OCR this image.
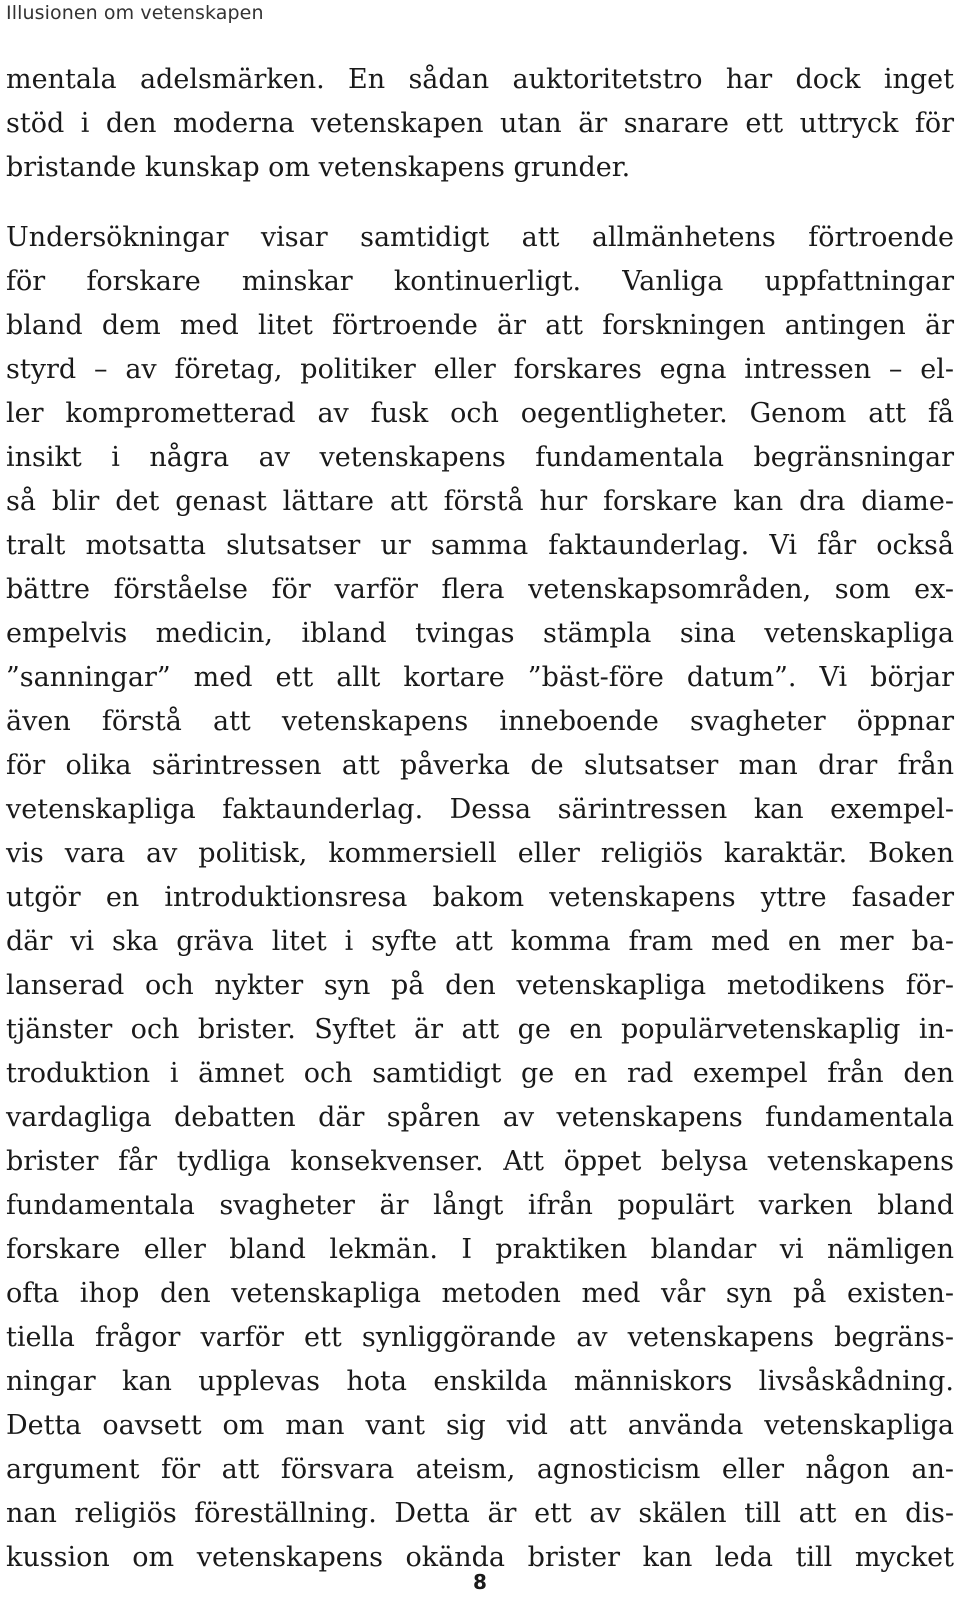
Illusionen om vetenskapen
mentala adelsmärken. En sådan auktoritetstro har dock inget
stöd i den moderna vetenskapen utan är snarare ett uttryck för
bristande kunskap om vetenskapens grunder.
Undersökningar visar samtidigt att allmänhetens förtroende
för forskare minskar kontinuerligt. Vanliga uppfattningar
bland dem med litet förtroende är att forskningen antingen är
styrd – av företag, politiker eller forskares egna intressen – el-
ler komprometterad av fusk och oegentligheter. Genom att få
insikt i några av vetenskapens fundamentala begränsningar
så blir det genast lättare att förstå hur forskare kan dra diame-
tralt motsatta slutsatser ur samma faktaunderlag. Vi får också
bättre förståelse för varför flera vetenskapsområden, som ex-
empelvis medicin, ibland tvingas stämpla sina vetenskapliga
”sanningar” med ett allt kortare ”bäst-före datum”. Vi börjar
även förstå att vetenskapens inneboende svagheter öppnar
för olika särintressen att påverka de slutsatser man drar från
vetenskapliga faktaunderlag. Dessa särintressen kan exempel-
vis vara av politisk, kommersiell eller religiös karaktär. Boken
utgör en introduktionsresa bakom vetenskapens yttre fasader
där vi ska gräva litet i syfte att komma fram med en mer ba-
lanserad och nykter syn på den vetenskapliga metodikens för-
tjänster och brister. Syftet är att ge en populärvetenskaplig in-
troduktion i ämnet och samtidigt ge en rad exempel från den
vardagliga debatten där spåren av vetenskapens fundamentala
brister får tydliga konsekvenser. Att öppet belysa vetenskapens
fundamentala svagheter är långt ifrån populärt varken bland
forskare eller bland lekmän. I praktiken blandar vi nämligen
ofta ihop den vetenskapliga metoden med vår syn på existen-
tiella frågor varför ett synliggörande av vetenskapens begräns-
ningar kan upplevas hota enskilda människors livsåskådning.
Detta oavsett om man vant sig vid att använda vetenskapliga
argument för att försvara ateism, agnosticism eller någon an-
nan religiös föreställning. Detta är ett av skälen till att en dis-
kussion om vetenskapens okända brister kan leda till mycket
8
